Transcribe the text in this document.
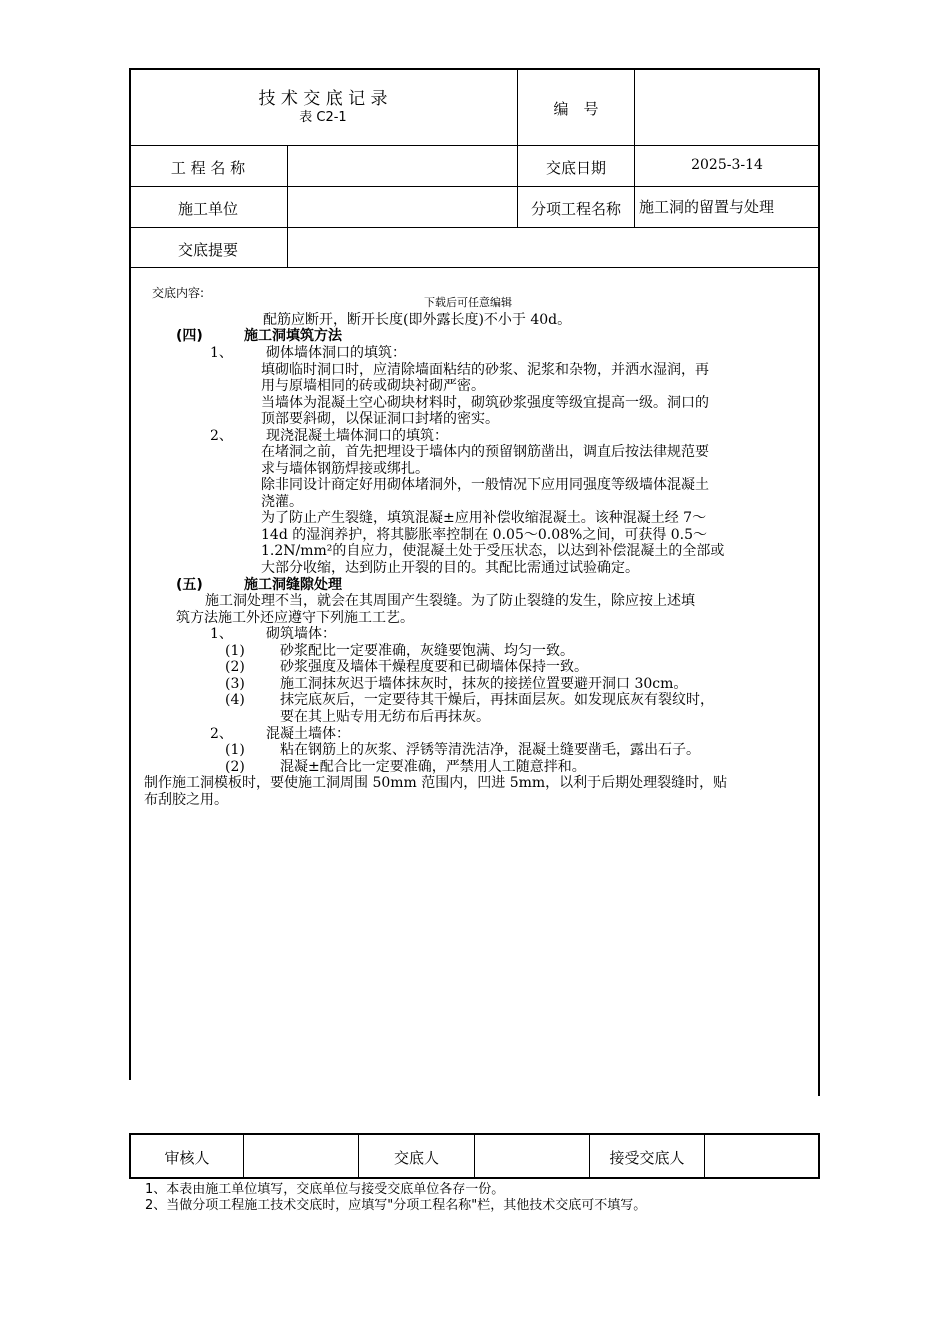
技 术 交 底 记 录
表 C2-1	编　号
工 程 名 称	交底日期	2025-3-14
施工单位	分项工程名称	施工洞的留置与处理
交底提要
交底内容:
下载后可任意编辑
配筋应断开，断开长度(即外露长度)不小于 40d。
(四)	施工洞填筑方法
1、 砌体墙体洞口的填筑：
填砌临时洞口时，应清除墙面粘结的砂浆、泥浆和杂物，并洒水湿润，再
用与原墙相同的砖或砌块衬砌严密。
当墙体为混凝土空心砌块材料时，砌筑砂浆强度等级宜提高一级。洞口的
顶部要斜砌，以保证洞口封堵的密实。
2、 现浇混凝土墙体洞口的填筑：
在堵洞之前，首先把埋设于墙体内的预留钢筋凿出，调直后按法律规范要
求与墙体钢筋焊接或绑扎。
除非同设计商定好用砌体堵洞外，一般情况下应用同强度等级墙体混凝土
浇灌。
为了防止产生裂缝，填筑混凝±应用补偿收缩混凝土。该种混凝土经 7～
14d 的湿润养护，将其膨胀率控制在 0.05～0.08%之间，可获得 0.5～
1.2N/mm²的自应力，使混凝土处于受压状态，以达到补偿混凝土的全部或
大部分收缩，达到防止开裂的目的。其配比需通过试验确定。
(五)	施工洞缝隙处理
施工洞处理不当，就会在其周围产生裂缝。为了防止裂缝的发生，除应按上述填
筑方法施工外还应遵守下列施工工艺。
1、 砌筑墙体：
(1)	砂浆配比一定要准确，灰缝要饱满、均匀一致。
(2)	砂浆强度及墙体干燥程度要和已砌墙体保持一致。
(3)	施工洞抹灰迟于墙体抹灰时，抹灰的接搓位置要避开洞口 30cm。
(4)	抹完底灰后，一定要待其干燥后，再抹面层灰。如发现底灰有裂纹时，
要在其上贴专用无纺布后再抹灰。
2、 混凝土墙体：
(1)	粘在钢筋上的灰浆、浮锈等清洗洁净，混凝土缝要凿毛，露出石子。
(2)	混凝±配合比一定要准确，严禁用人工随意拌和。
制作施工洞模板时，要使施工洞周围 50mm 范围内，凹进 5mm，以利于后期处理裂缝时，贴
布刮胶之用。
审核人	交底人	接受交底人
1、本表由施工单位填写，交底单位与接受交底单位各存一份。
2、当做分项工程施工技术交底时，应填写"分项工程名称"栏，其他技术交底可不填写。
